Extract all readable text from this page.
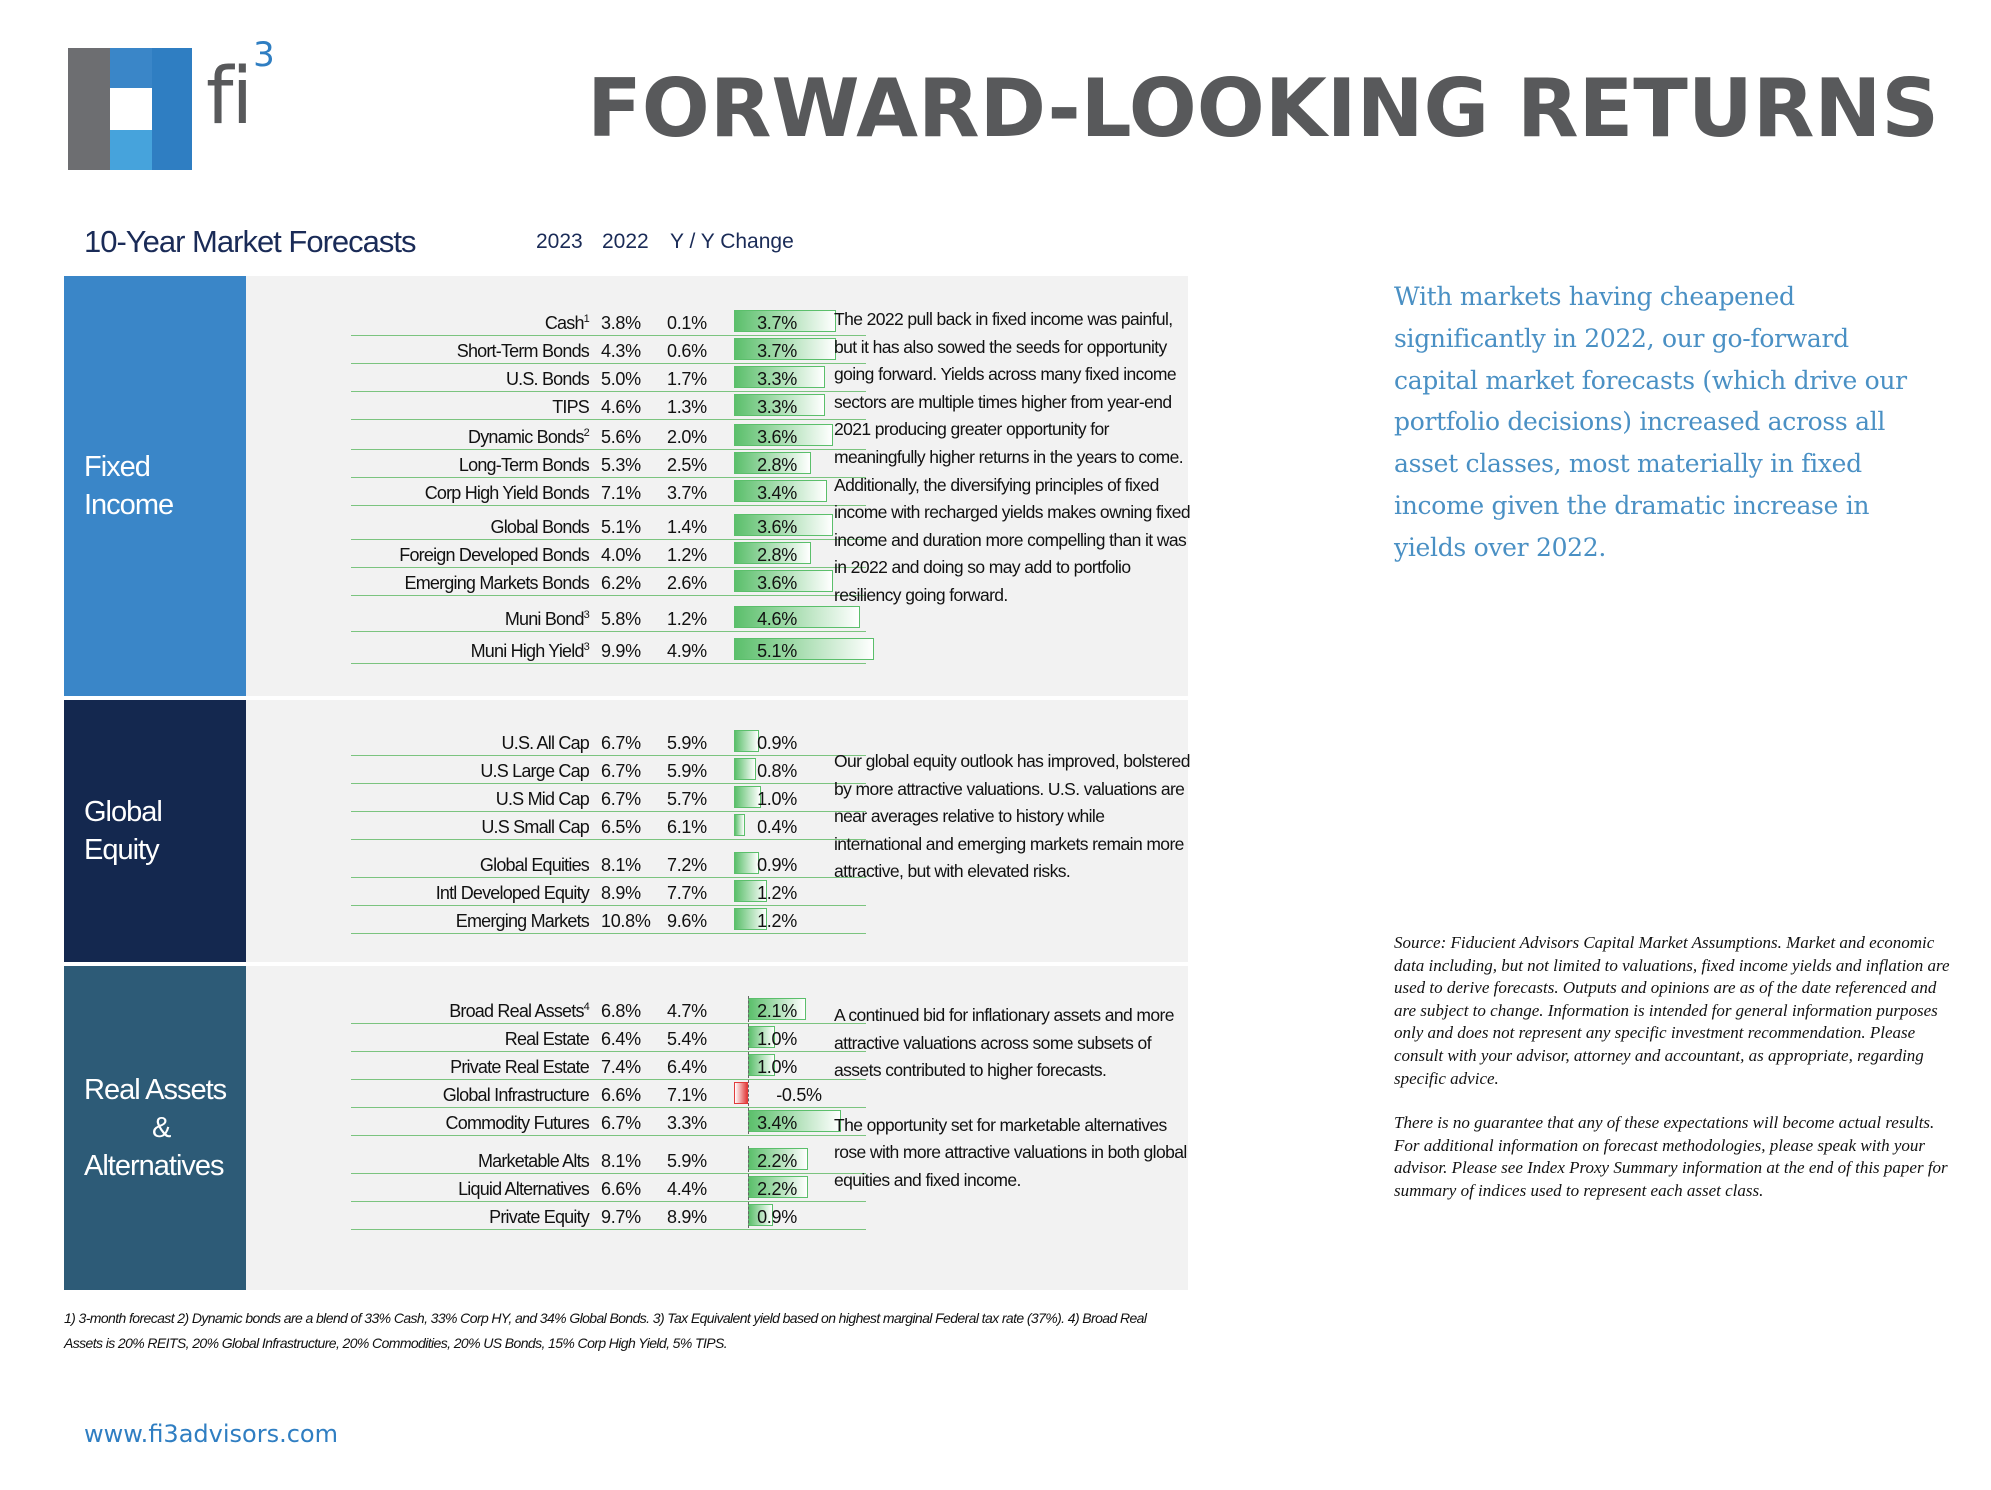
$fi^3$
FORWARD-LOOKING RETURNS
10-Year Market Forecasts	2023 2022 Y / Y Change
Fixed
Income
Cash$^1$ 3.8% 0.1%	3.7%
Short-Term Bonds 4.3% 0.6%	3.7%
U.S. Bonds 5.0% 1.7%	3.3%
TIPS 4.6% 1.3%	3.3%
Dynamic Bonds$^2$ 5.6% 2.0%	3.6%
Long-Term Bonds 5.3% 2.5%	2.8%
Corp High Yield Bonds 7.1% 3.7%	3.4%
Global Bonds 5.1% 1.4%	3.6%
Foreign Developed Bonds 4.0% 1.2%	2.8%
Emerging Markets Bonds 6.2% 2.6%	3.6%
Muni Bond$^3$ 5.8% 1.2%	4.6%
Muni High Yield$^3$ 9.9% 4.9%	5.1%

The 2022 pull back in fixed income was painful, but it has also sowed the seeds for opportunity going forward. Yields across many fixed income sectors are multiple times higher from year-end 2021 producing greater opportunity for meaningfully higher returns in the years to come. Additionally, the diversifying principles of fixed income with recharged yields makes owning fixed income and duration more compelling than it was in 2022 and doing so may add to portfolio resiliency going forward.

Global
Equity
U.S. All Cap 6.7% 5.9%	0.9%
U.S Large Cap 6.7% 5.9%	0.8%
U.S Mid Cap 6.7% 5.7%	1.0%
U.S Small Cap 6.5% 6.1%	0.4%
Global Equities 8.1% 7.2%	0.9%
Intl Developed Equity 8.9% 7.7%	1.2%
Emerging Markets 10.8% 9.6%	1.2%

Our global equity outlook has improved, bolstered by more attractive valuations. U.S. valuations are near averages relative to history while international and emerging markets remain more attractive, but with elevated risks.

Real Assets
&
Alternatives
Broad Real Assets$^4$ 6.8% 4.7%	2.1%
Real Estate 6.4% 5.4%	1.0%
Private Real Estate 7.4% 6.4%	1.0%
Global Infrastructure 6.6% 7.1%	-0.5%
Commodity Futures 6.7% 3.3%	3.4%
Marketable Alts 8.1% 5.9%	2.2%
Liquid Alternatives 6.6% 4.4%	2.2%
Private Equity 9.7% 8.9%	0.9%

A continued bid for inflationary assets and more attractive valuations across some subsets of assets contributed to higher forecasts.

The opportunity set for marketable alternatives rose with more attractive valuations in both global equities and fixed income.

1) 3-month forecast 2) Dynamic bonds are a blend of 33% Cash, 33% Corp HY, and 34% Global Bonds. 3) Tax Equivalent yield based on highest marginal Federal tax rate (37%). 4) Broad Real Assets is 20% REITS, 20% Global Infrastructure, 20% Commodities, 20% US Bonds, 15% Corp High Yield, 5% TIPS.
With markets having cheapened significantly in 2022, our go-forward capital market forecasts (which drive our portfolio decisions) increased across all asset classes, most materially in fixed income given the dramatic increase in yields over 2022.

Source: Fiducient Advisors Capital Market Assumptions. Market and economic data including, but not limited to valuations, fixed income yields and inflation are used to derive forecasts. Outputs and opinions are as of the date referenced and are subject to change. Information is intended for general information purposes only and does not represent any specific investment recommendation. Please consult with your advisor, attorney and accountant, as appropriate, regarding specific advice.

There is no guarantee that any of these expectations will become actual results. For additional information on forecast methodologies, please speak with your advisor. Please see Index Proxy Summary information at the end of this paper for summary of indices used to represent each asset class.

www.fi3advisors.com
